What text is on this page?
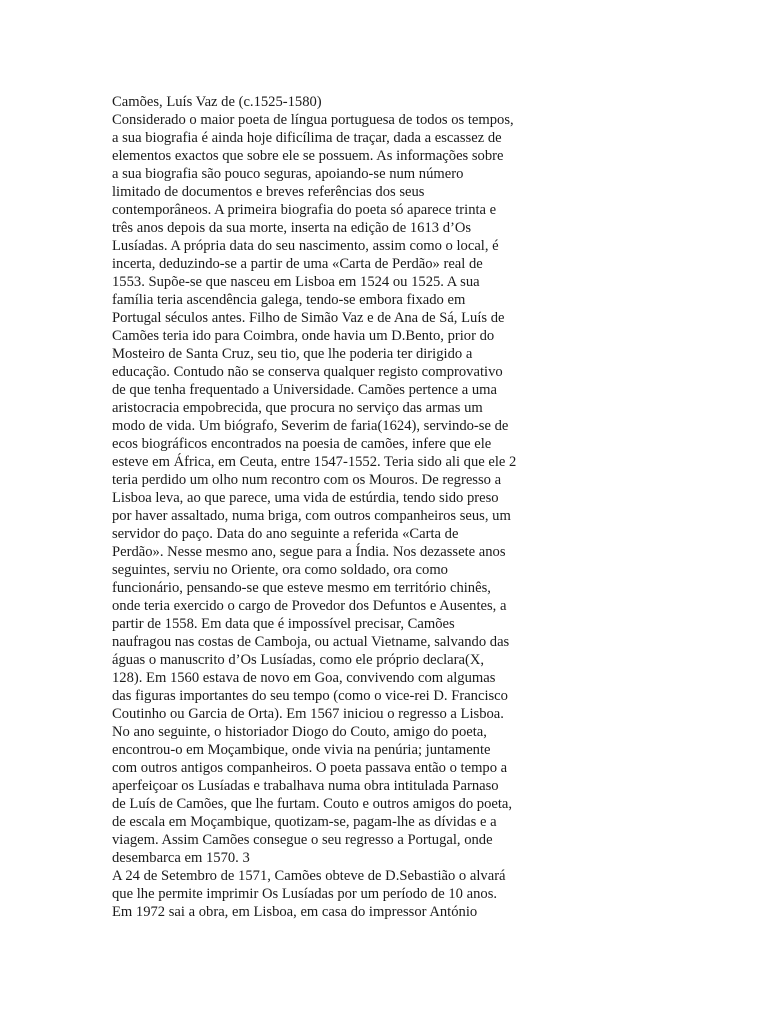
Camões, Luís Vaz de (c.1525-1580)
Considerado o maior poeta de língua portuguesa de todos os tempos,
a sua biografia é ainda hoje dificílima de traçar, dada a escassez de
elementos exactos que sobre ele se possuem. As informações sobre
a sua biografia são pouco seguras, apoiando-se num número
limitado de documentos e breves referências dos seus
contemporâneos. A primeira biografia do poeta só aparece trinta e
três anos depois da sua morte, inserta na edição de 1613 d’Os
Lusíadas. A própria data do seu nascimento, assim como o local, é
incerta, deduzindo-se a partir de uma «Carta de Perdão» real de
1553. Supõe-se que nasceu em Lisboa em 1524 ou 1525. A sua
família teria ascendência galega, tendo-se embora fixado em
Portugal séculos antes. Filho de Simão Vaz e de Ana de Sá, Luís de
Camões teria ido para Coimbra, onde havia um D.Bento, prior do
Mosteiro de Santa Cruz, seu tio, que lhe poderia ter dirigido a
educação. Contudo não se conserva qualquer registo comprovativo
de que tenha frequentado a Universidade. Camões pertence a uma
aristocracia empobrecida, que procura no serviço das armas um
modo de vida. Um biógrafo, Severim de faria(1624), servindo-se de
ecos biográficos encontrados na poesia de camões, infere que ele
esteve em África, em Ceuta, entre 1547-1552. Teria sido ali que ele 2
teria perdido um olho num recontro com os Mouros. De regresso a
Lisboa leva, ao que parece, uma vida de estúrdia, tendo sido preso
por haver assaltado, numa briga, com outros companheiros seus, um
servidor do paço. Data do ano seguinte a referida «Carta de
Perdão». Nesse mesmo ano, segue para a Índia. Nos dezassete anos
seguintes, serviu no Oriente, ora como soldado, ora como
funcionário, pensando-se que esteve mesmo em território chinês,
onde teria exercido o cargo de Provedor dos Defuntos e Ausentes, a
partir de 1558. Em data que é impossível precisar, Camões
naufragou nas costas de Camboja, ou actual Vietname, salvando das
águas o manuscrito d’Os Lusíadas, como ele próprio declara(X,
128). Em 1560 estava de novo em Goa, convivendo com algumas
das figuras importantes do seu tempo (como o vice-rei D. Francisco
Coutinho ou Garcia de Orta). Em 1567 iniciou o regresso a Lisboa.
No ano seguinte, o historiador Diogo do Couto, amigo do poeta,
encontrou-o em Moçambique, onde vivia na penúria; juntamente
com outros antigos companheiros. O poeta passava então o tempo a
aperfeiçoar os Lusíadas e trabalhava numa obra intitulada Parnaso
de Luís de Camões, que lhe furtam. Couto e outros amigos do poeta,
de escala em Moçambique, quotizam-se, pagam-lhe as dívidas e a
viagem. Assim Camões consegue o seu regresso a Portugal, onde
desembarca em 1570. 3
A 24 de Setembro de 1571, Camões obteve de D.Sebastião o alvará
que lhe permite imprimir Os Lusíadas por um período de 10 anos.
Em 1972 sai a obra, em Lisboa, em casa do impressor António
